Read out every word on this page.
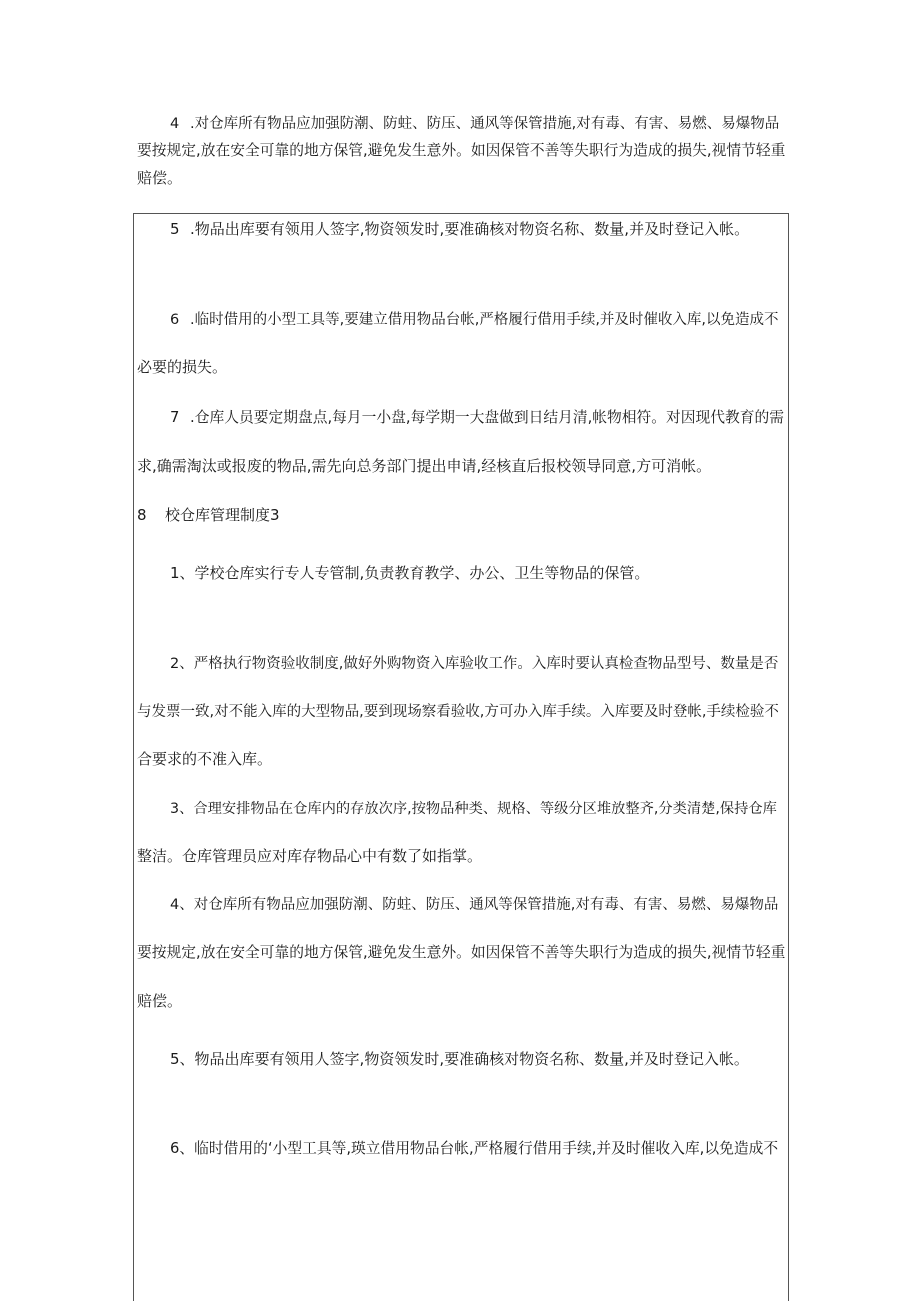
4 .对仓库所有物品应加强防潮、防蛀、防压、通风等保管措施,对有毒、有害、易燃、易爆物品
要按规定,放在安全可靠的地方保管,避免发生意外。如因保管不善等失职行为造成的损失,视情节轻重
赔偿。
5 .物品出库要有领用人签字,物资领发时,要准确核对物资名称、数量,并及时登记入帐。
6 .临时借用的小型工具等,要建立借用物品台帐,严格履行借用手续,并及时催收入库,以免造成不
必要的损失。
7 .仓库人员要定期盘点,每月一小盘,每学期一大盘做到日结月清,帐物相符。对因现代教育的需
求,确需淘汰或报废的物品,需先向总务部门提出申请,经核直后报校领导同意,方可消帐。
8 校仓库管理制度3
1、学校仓库实行专人专管制,负责教育教学、办公、卫生等物品的保管。
2、严格执行物资验收制度,做好外购物资入库验收工作。入库时要认真检查物品型号、数量是否
与发票一致,对不能入库的大型物品,要到现场察看验收,方可办入库手续。入库要及时登帐,手续检验不
合要求的不准入库。
3、合理安排物品在仓库内的存放次序,按物品种类、规格、等级分区堆放整齐,分类清楚,保持仓库
整洁。仓库管理员应对库存物品心中有数了如指掌。
4、对仓库所有物品应加强防潮、防蛀、防压、通风等保管措施,对有毒、有害、易燃、易爆物品
要按规定,放在安全可靠的地方保管,避免发生意外。如因保管不善等失职行为造成的损失,视情节轻重
赔偿。
5、物品出库要有领用人签字,物资领发时,要准确核对物资名称、数量,并及时登记入帐。
6、临时借用的‘小型工具等,瑛立借用物品台帐,严格履行借用手续,并及时催收入库,以免造成不
